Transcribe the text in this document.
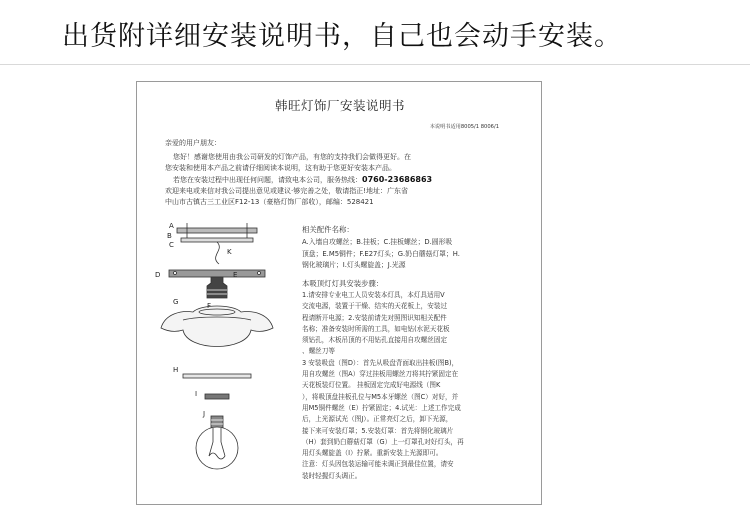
出货附详细安装说明书，自己也会动手安装。
韩旺灯饰厂安装说明书
本说明书适用8005/1 8006/1
亲爱的用户朋友：

您好！感谢您使用由我公司研发的灯饰产品，有您的支持我们会做得更好。在

您安装和使用本产品之前请仔细阅读本说明，这有助于您更好安装本产品。

若您在安装过程中出现任何问题，请致电本公司，服务热线：0760-23686863

欢迎来电或来信对我公司提出意见或建议·够完善之处，敬请指正!地址：广东省

中山市古镇古三工业区F12-13（豪格灯饰厂部收），邮编：528421

A
B
C
K
D	E
F
G
H
I
J
相关配件名称：

A.入墙自攻螺丝；B.挂板；C.挂板螺丝；D.圆形吸

顶盘；E.M5铜件；F.E27灯头；G.奶白蘑菇灯罩；H.

钢化玻璃片；I.灯头螺旋盖；J.光源

本吸顶灯灯具安装步骤：

1.请安排专业电工人员安装本灯具，本灯具适用V

交流电源，装置于干燥、结实的天花板上，安装过

程请断开电源；2.安装前请先对照图识知相关配件

名称；准备安装时所需的工具，如电钻(水泥天花板

须钻孔，木板吊顶的不用钻孔直接用自攻螺丝固定

、螺丝刀等

3 安装吸盘（图D）：首先从吸盘背面取出挂板(图B)，

用自攻螺丝（图A）穿过挂板用螺丝刀将其拧紧固定在

天花板装灯位置。 挂板固定完成好电源线（图K

），将吸顶盘挂板孔位与M5本牙螺丝（图C）对好，并

用M5铜件螺丝（E）拧紧固定；4.试光：上述工作完成

后，上光源试光（图J）。正常亮灯之后，卸下光源，

接下来可安装灯罩；5.安装灯罩：首先将钢化玻璃片

（H）套到奶白蘑菇灯罩（G）上一灯罩孔对好灯头，再

用灯头螺旋盖（I）拧紧。重新安装上光源即可。

注意：灯头因包装运输可能未调正到最佳位置，请安

装时轻握灯头调正。
